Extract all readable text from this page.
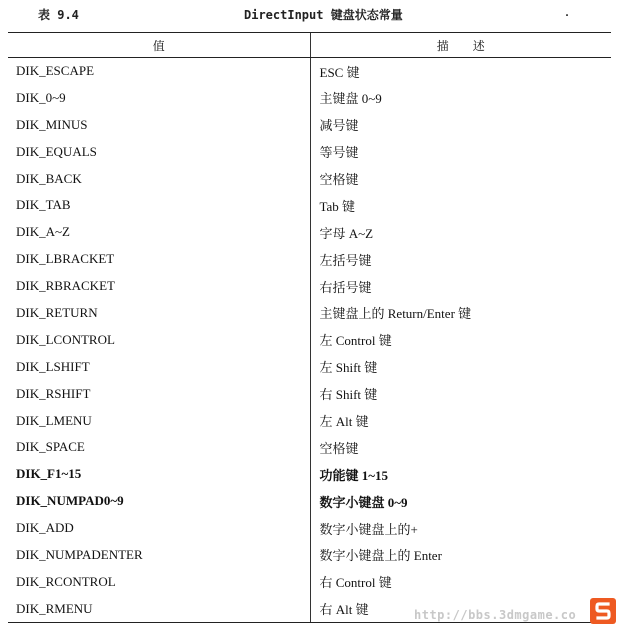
表 9.4	DirectInput 键盘状态常量	.
值	描　　述
DIK_ESCAPE	ESC 键
DIK_0~9	主键盘 0~9
DIK_MINUS	减号键
DIK_EQUALS	等号键
DIK_BACK	空格键
DIK_TAB	Tab 键
DIK_A~Z	字母 A~Z
DIK_LBRACKET	左括号键
DIK_RBRACKET	右括号键
DIK_RETURN	主键盘上的 Return/Enter 键
DIK_LCONTROL	左 Control 键
DIK_LSHIFT	左 Shift 键
DIK_RSHIFT	右 Shift 键
DIK_LMENU	左 Alt 键
DIK_SPACE	空格键
DIK_F1~15	功能键 1~15
DIK_NUMPAD0~9	数字小键盘 0~9
DIK_ADD	数字小键盘上的+
DIK_NUMPADENTER	数字小键盘上的 Enter
DIK_RCONTROL	右 Control 键
DIK_RMENU	右 Alt 键	http://bbs.3dmgame.co
